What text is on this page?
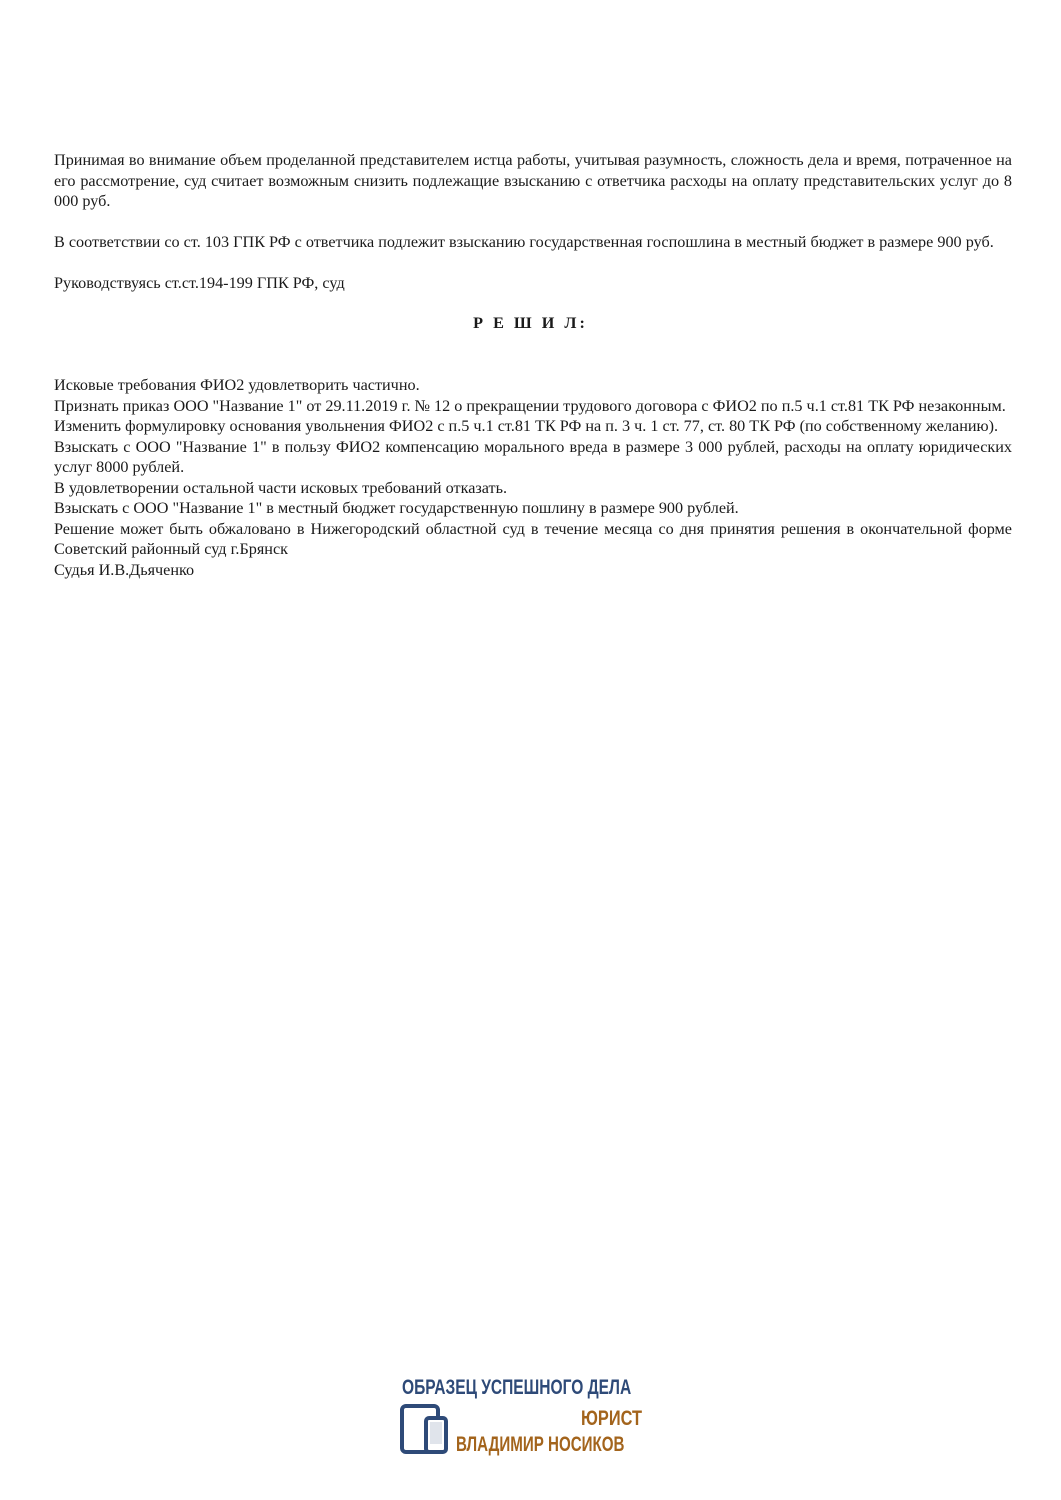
Принимая во внимание объем проделанной представителем истца работы, учитывая разумность, сложность дела и время, потраченное на его рассмотрение, суд считает возможным снизить подлежащие взысканию с ответчика расходы на оплату представительских услуг до 8 000 руб.

В соответствии со ст. 103 ГПК РФ с ответчика подлежит взысканию государственная госпошлина в местный бюджет в размере 900 руб.

Руководствуясь ст.ст.194-199 ГПК РФ, суд

Р Е Ш И Л:

Исковые требования ФИО2 удовлетворить частично.

Признать приказ ООО "Название 1" от 29.11.2019 г. № 12 о прекращении трудового договора с ФИО2 по п.5 ч.1 ст.81 ТК РФ незаконным.

Изменить формулировку основания увольнения ФИО2 с п.5 ч.1 ст.81 ТК РФ на п. 3 ч. 1 ст. 77, ст. 80 ТК РФ (по собственному желанию).

Взыскать с ООО "Название 1" в пользу ФИО2 компенсацию морального вреда в размере 3 000 рублей, расходы на оплату юридических услуг 8000 рублей.

В удовлетворении остальной части исковых требований отказать.

Взыскать с ООО "Название 1" в местный бюджет государственную пошлину в размере 900 рублей.

Решение может быть обжаловано в Нижегородский областной суд в течение месяца со дня принятия решения в окончательной форме Советский районный суд г.Брянск

Судья И.В.Дьяченко

ОБРАЗЕЦ УСПЕШНОГО ДЕЛА
ЮРИСТ
ВЛАДИМИР НОСИКОВ
